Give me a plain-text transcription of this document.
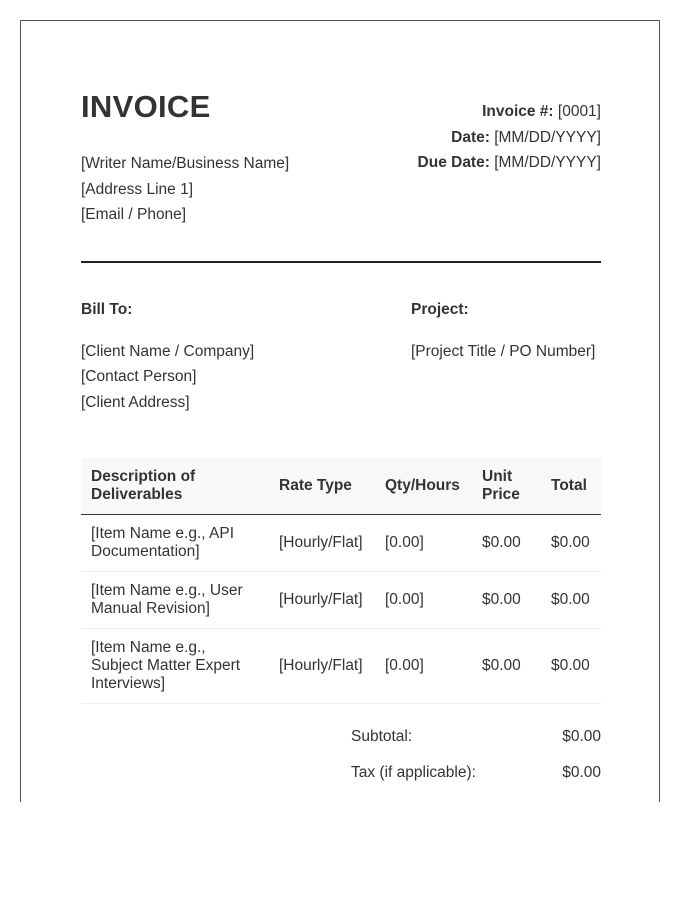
INVOICE
[Writer Name/Business Name]
[Address Line 1]
[Email / Phone]
Invoice #: [0001]
Date: [MM/DD/YYYY]
Due Date: [MM/DD/YYYY]
Bill To:
[Client Name / Company]
[Contact Person]
[Client Address]
Project:
[Project Title / PO Number]
Description of Deliverables	Rate Type	Qty/Hours	Unit Price	Total
[Item Name e.g., API Documentation]	[Hourly/Flat]	[0.00]	$0.00	$0.00
[Item Name e.g., User Manual Revision]	[Hourly/Flat]	[0.00]	$0.00	$0.00
[Item Name e.g., Subject Matter Expert Interviews]	[Hourly/Flat]	[0.00]	$0.00	$0.00
Subtotal:	$0.00
Tax (if applicable):	$0.00
